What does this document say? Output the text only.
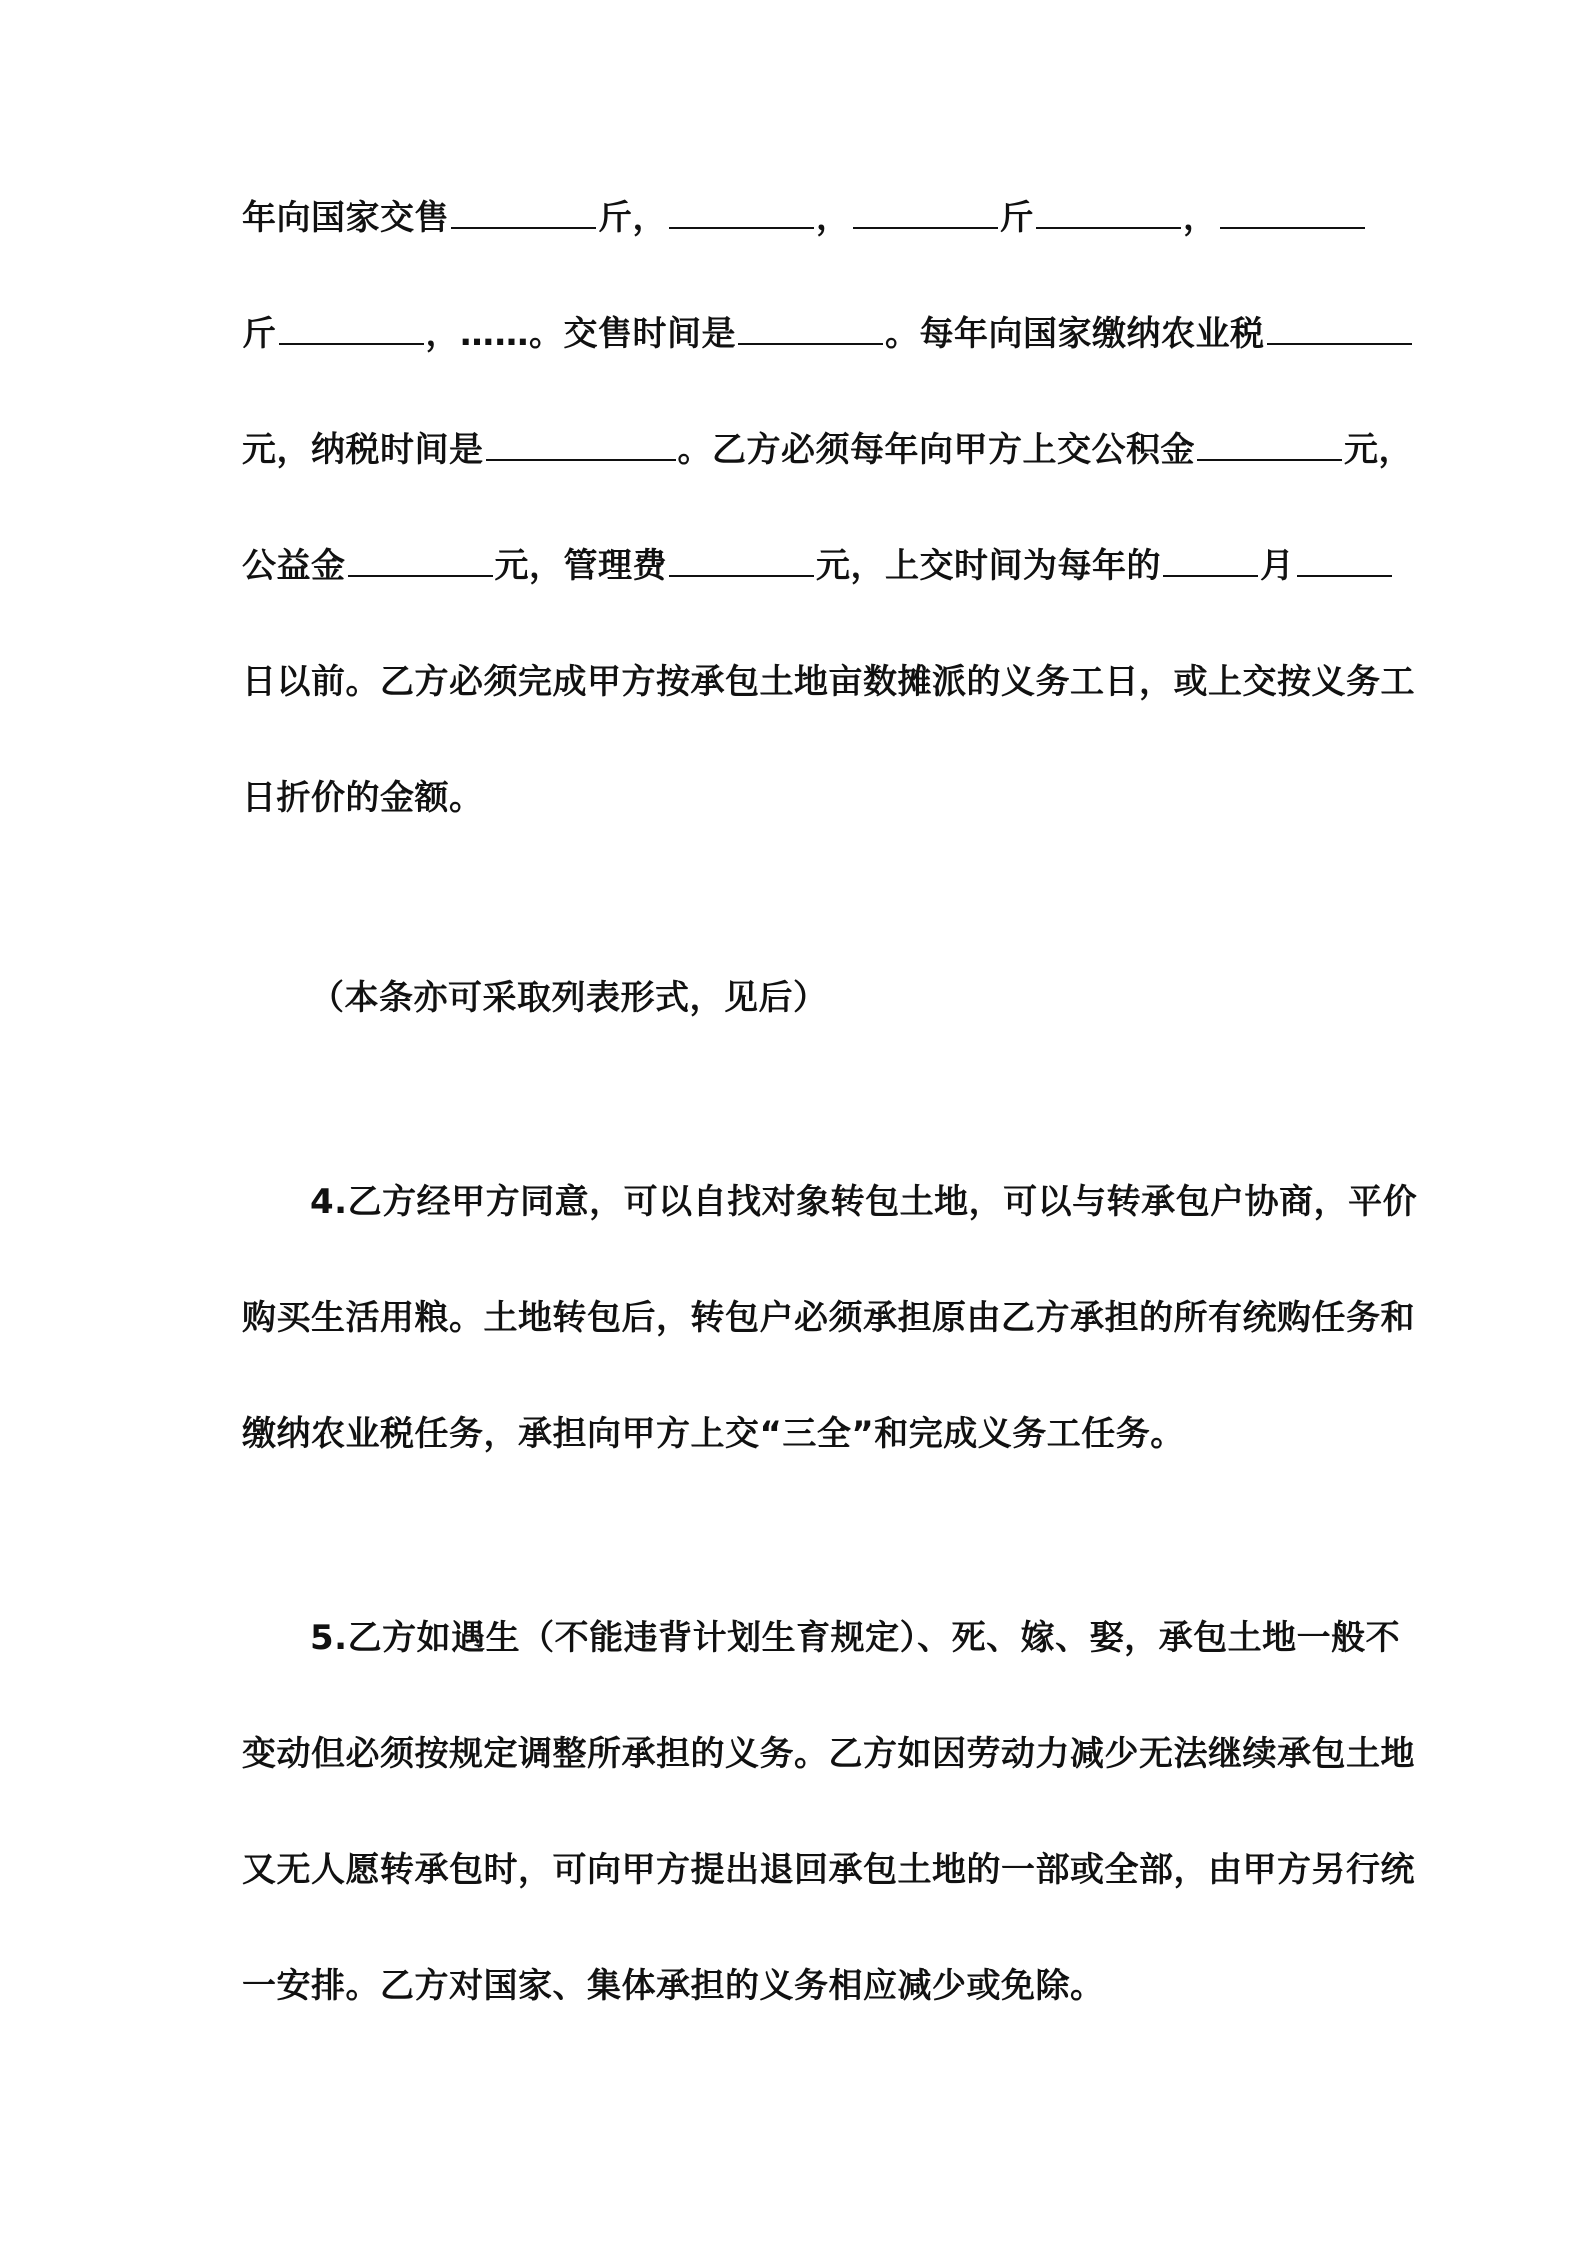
年向国家交售	斤，	，	斤	，
斤	，……。交售时间是	。每年向国家缴纳农业税
元，纳税时间是	。乙方必须每年向甲方上交公积金	元，
公益金	元，管理费	元，上交时间为每年的	月
日以前。乙方必须完成甲方按承包土地亩数摊派的义务工日，或上交按义务工
日折价的金额。
（本条亦可采取列表形式，见后）
4.乙方经甲方同意，可以自找对象转包土地，可以与转承包户协商，平价
购买生活用粮。土地转包后，转包户必须承担原由乙方承担的所有统购任务和
缴纳农业税任务，承担向甲方上交“三全”和完成义务工任务。
5.乙方如遇生（不能违背计划生育规定）、死、嫁、娶，承包土地一般不
变动但必须按规定调整所承担的义务。乙方如因劳动力减少无法继续承包土地
又无人愿转承包时，可向甲方提出退回承包土地的一部或全部，由甲方另行统
一安排。乙方对国家、集体承担的义务相应减少或免除。
